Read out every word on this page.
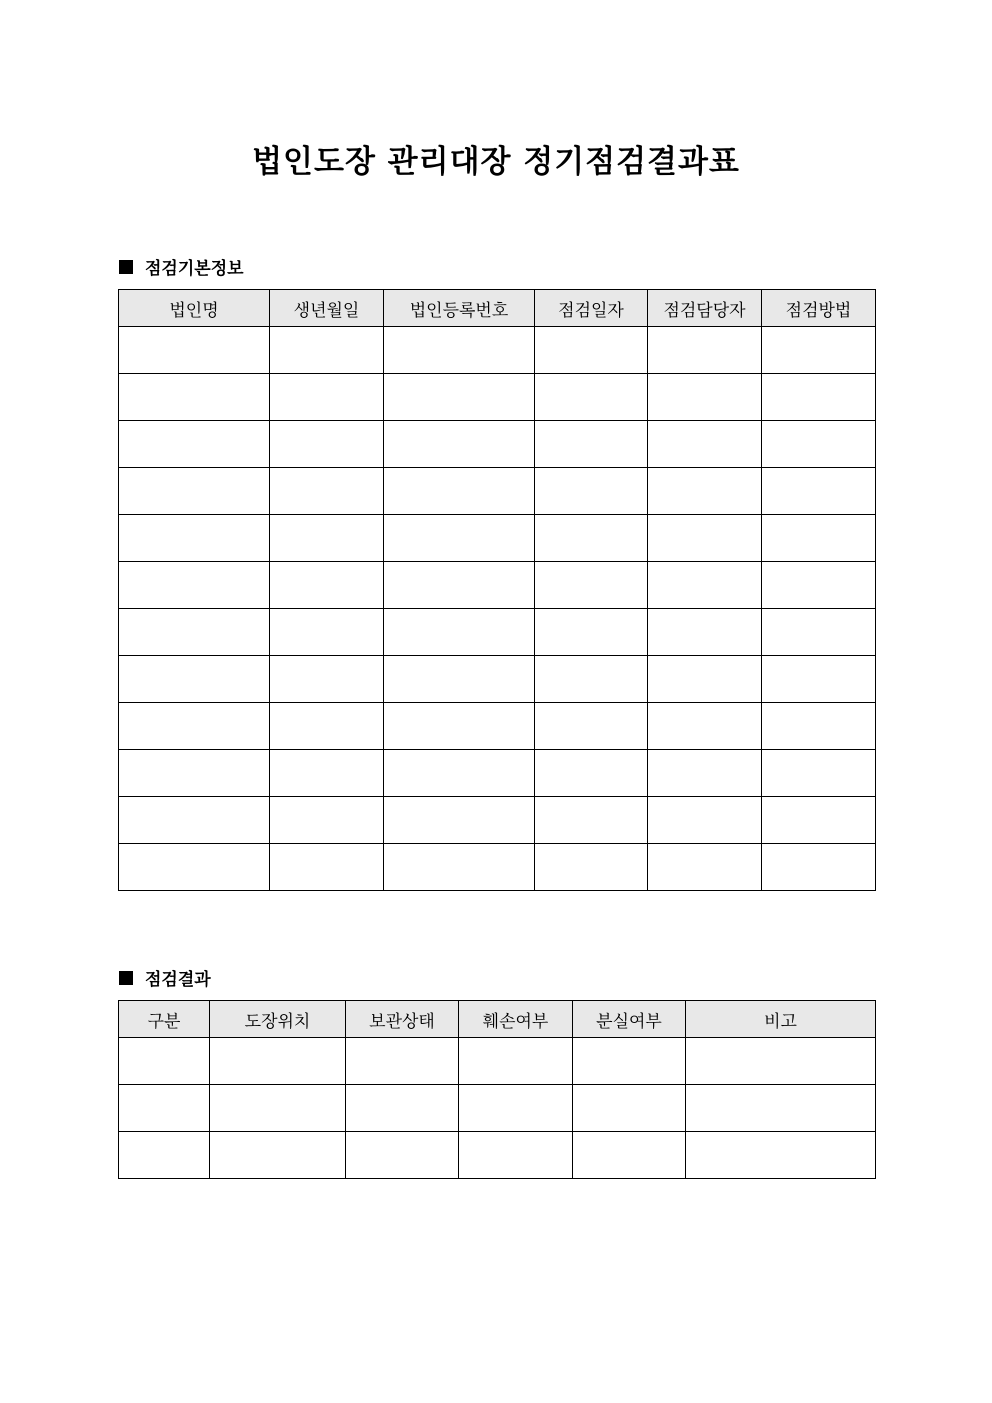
법인도장 관리대장 정기점검결과표
점검기본정보
법인명	생년월일	법인등록번호	점검일자	점검담당자	점검방법

점검결과
구분	도장위치	보관상태	훼손여부	분실여부	비고
